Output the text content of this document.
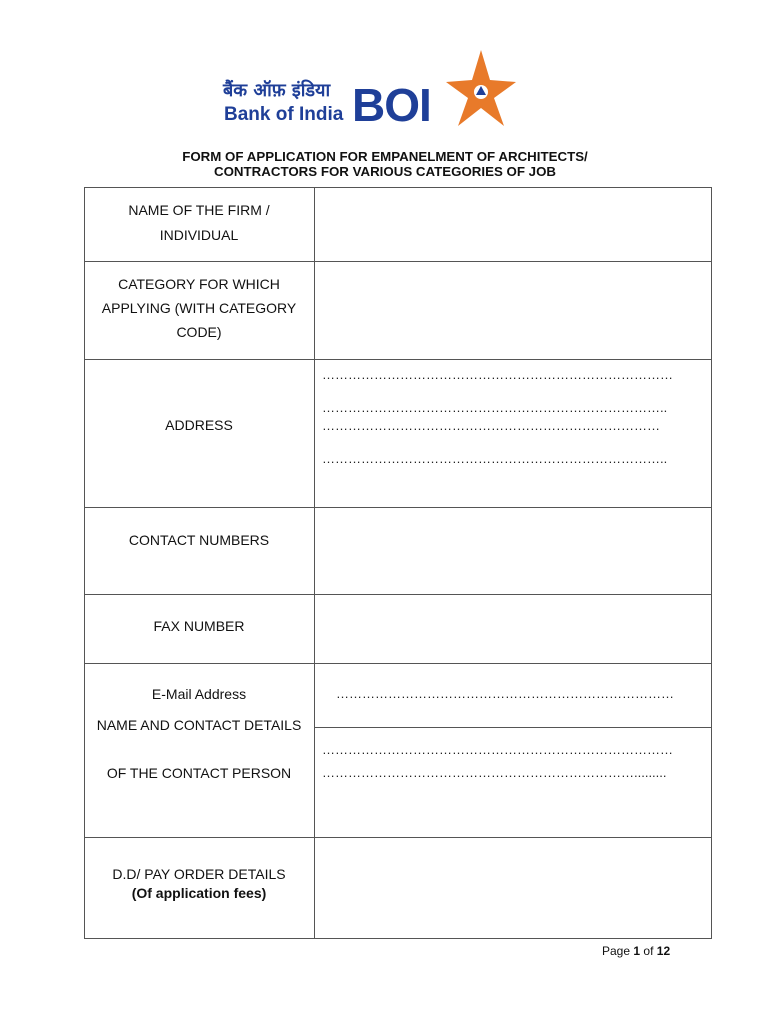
बैंक ऑफ़ इंडिया
Bank of India BOI
FORM OF APPLICATION FOR EMPANELMENT OF ARCHITECTS/
CONTRACTORS FOR VARIOUS CATEGORIES OF JOB
NAME OF THE FIRM /
INDIVIDUAL
CATEGORY FOR WHICH
APPLYING (WITH CATEGORY
CODE)
ADDRESS
………………………………………………………………………
……………………………………………………………………..
……………………………………………………………………
……………………………………………………………………..
CONTACT NUMBERS
FAX NUMBER
E-Mail Address	……………………………………………………………………
NAME AND CONTACT DETAILS
OF THE CONTACT PERSON
………………………………………………………………………
……………………………………………………………….........
D.D/ PAY ORDER DETAILS
(Of application fees)
Page 1 of 12
